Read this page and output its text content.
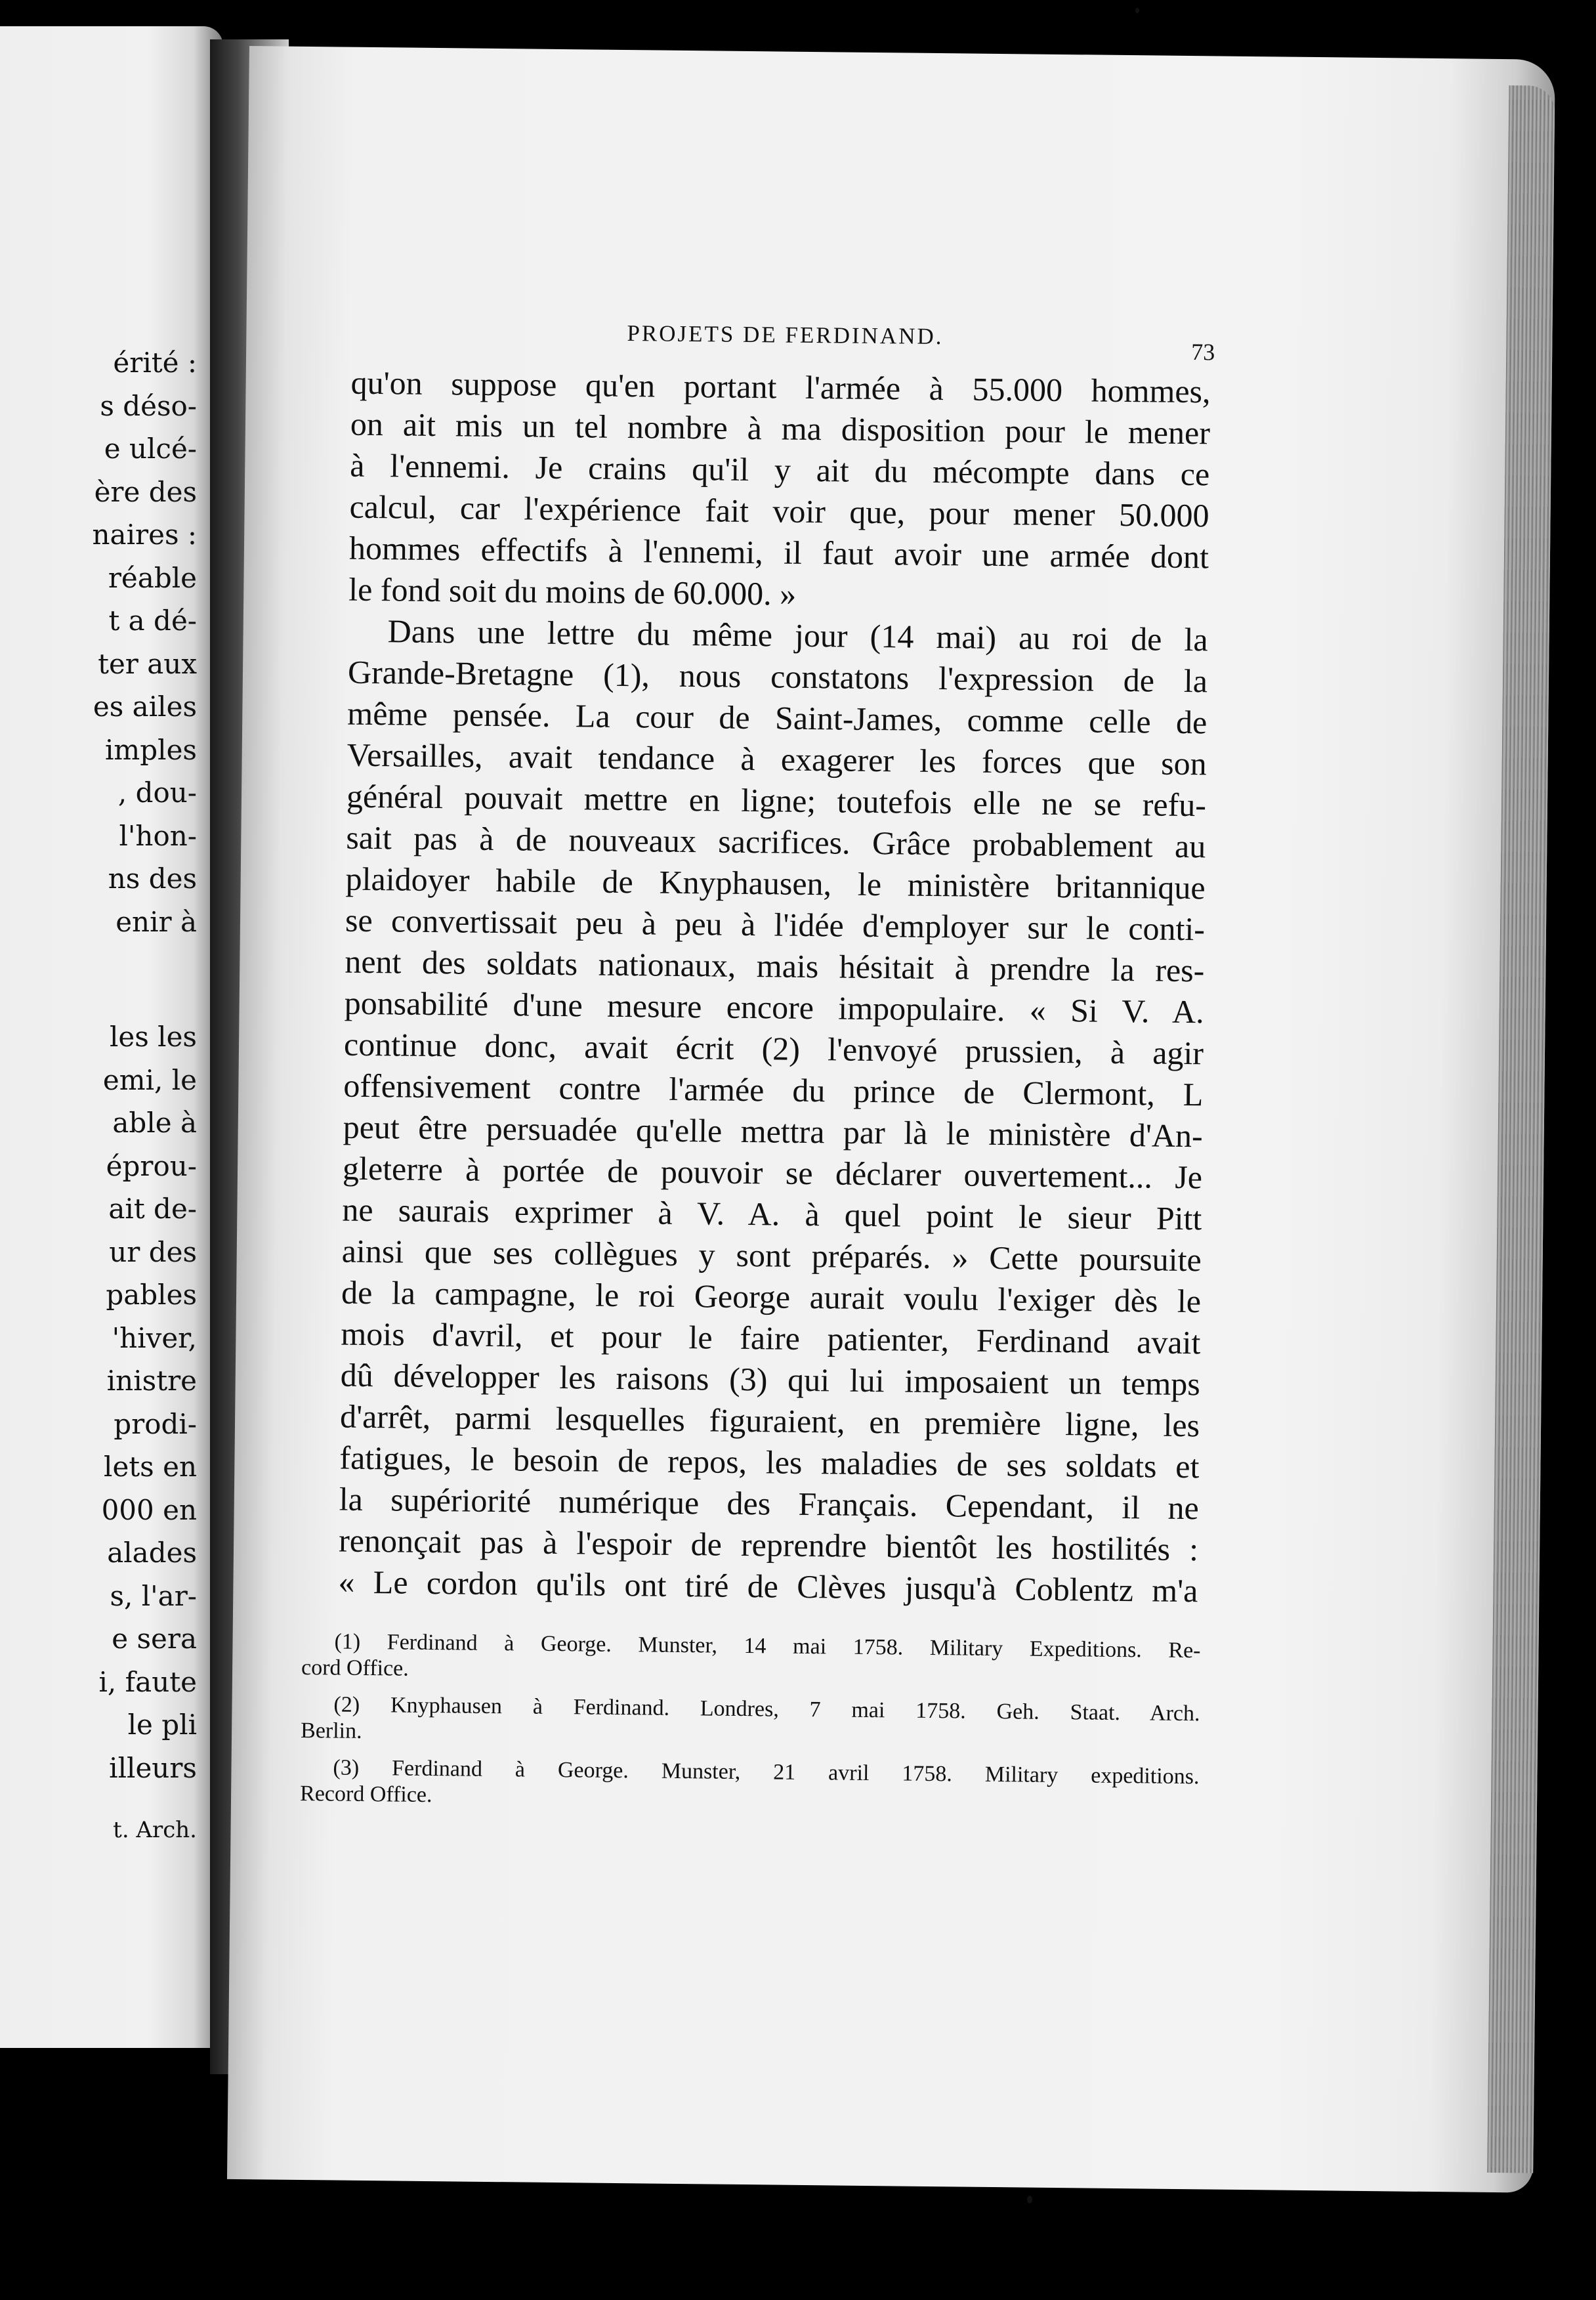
érité :
s déso-
e ulcé-
ère des
naires :
réable
t a dé-
ter aux
es ailes
imples
, dou-
l'hon-
ns des
enir à
les les
emi, le
able à
éprou-
ait de-
ur des
pables
'hiver,
inistre
prodi-
lets en
000 en
alades
s, l'ar-
e sera
i, faute
le pli
illeurs
t. Arch.
PROJETS DE FERDINAND.
73
qu'on suppose qu'en portant l'armée à 55.000 hommes,
on ait mis un tel nombre à ma disposition pour le mener
à l'ennemi. Je crains qu'il y ait du mécompte dans ce
calcul, car l'expérience fait voir que, pour mener 50.000
hommes effectifs à l'ennemi, il faut avoir une armée dont
le fond soit du moins de 60.000. »
Dans une lettre du même jour (14 mai) au roi de la
Grande-Bretagne (1), nous constatons l'expression de la
même pensée. La cour de Saint-James, comme celle de
Versailles, avait tendance à exagerer les forces que son
général pouvait mettre en ligne; toutefois elle ne se refu-
sait pas à de nouveaux sacrifices. Grâce probablement au
plaidoyer habile de Knyphausen, le ministère britannique
se convertissait peu à peu à l'idée d'employer sur le conti-
nent des soldats nationaux, mais hésitait à prendre la res-
ponsabilité d'une mesure encore impopulaire. « Si V. A.
continue donc, avait écrit (2) l'envoyé prussien, à agir
offensivement contre l'armée du prince de Clermont, L
peut être persuadée qu'elle mettra par là le ministère d'An-
gleterre à portée de pouvoir se déclarer ouvertement... Je
ne saurais exprimer à V. A. à quel point le sieur Pitt
ainsi que ses collègues y sont préparés. » Cette poursuite
de la campagne, le roi George aurait voulu l'exiger dès le
mois d'avril, et pour le faire patienter, Ferdinand avait
dû développer les raisons (3) qui lui imposaient un temps
d'arrêt, parmi lesquelles figuraient, en première ligne, les
fatigues, le besoin de repos, les maladies de ses soldats et
la supériorité numérique des Français. Cependant, il ne
renonçait pas à l'espoir de reprendre bientôt les hostilités :
« Le cordon qu'ils ont tiré de Clèves jusqu'à Coblentz m'a
(1) Ferdinand à George. Munster, 14 mai 1758. Military Expeditions. Re-
cord Office.
(2) Knyphausen à Ferdinand. Londres, 7 mai 1758. Geh. Staat. Arch.
Berlin.
(3) Ferdinand à George. Munster, 21 avril 1758. Military expeditions.
Record Office.
